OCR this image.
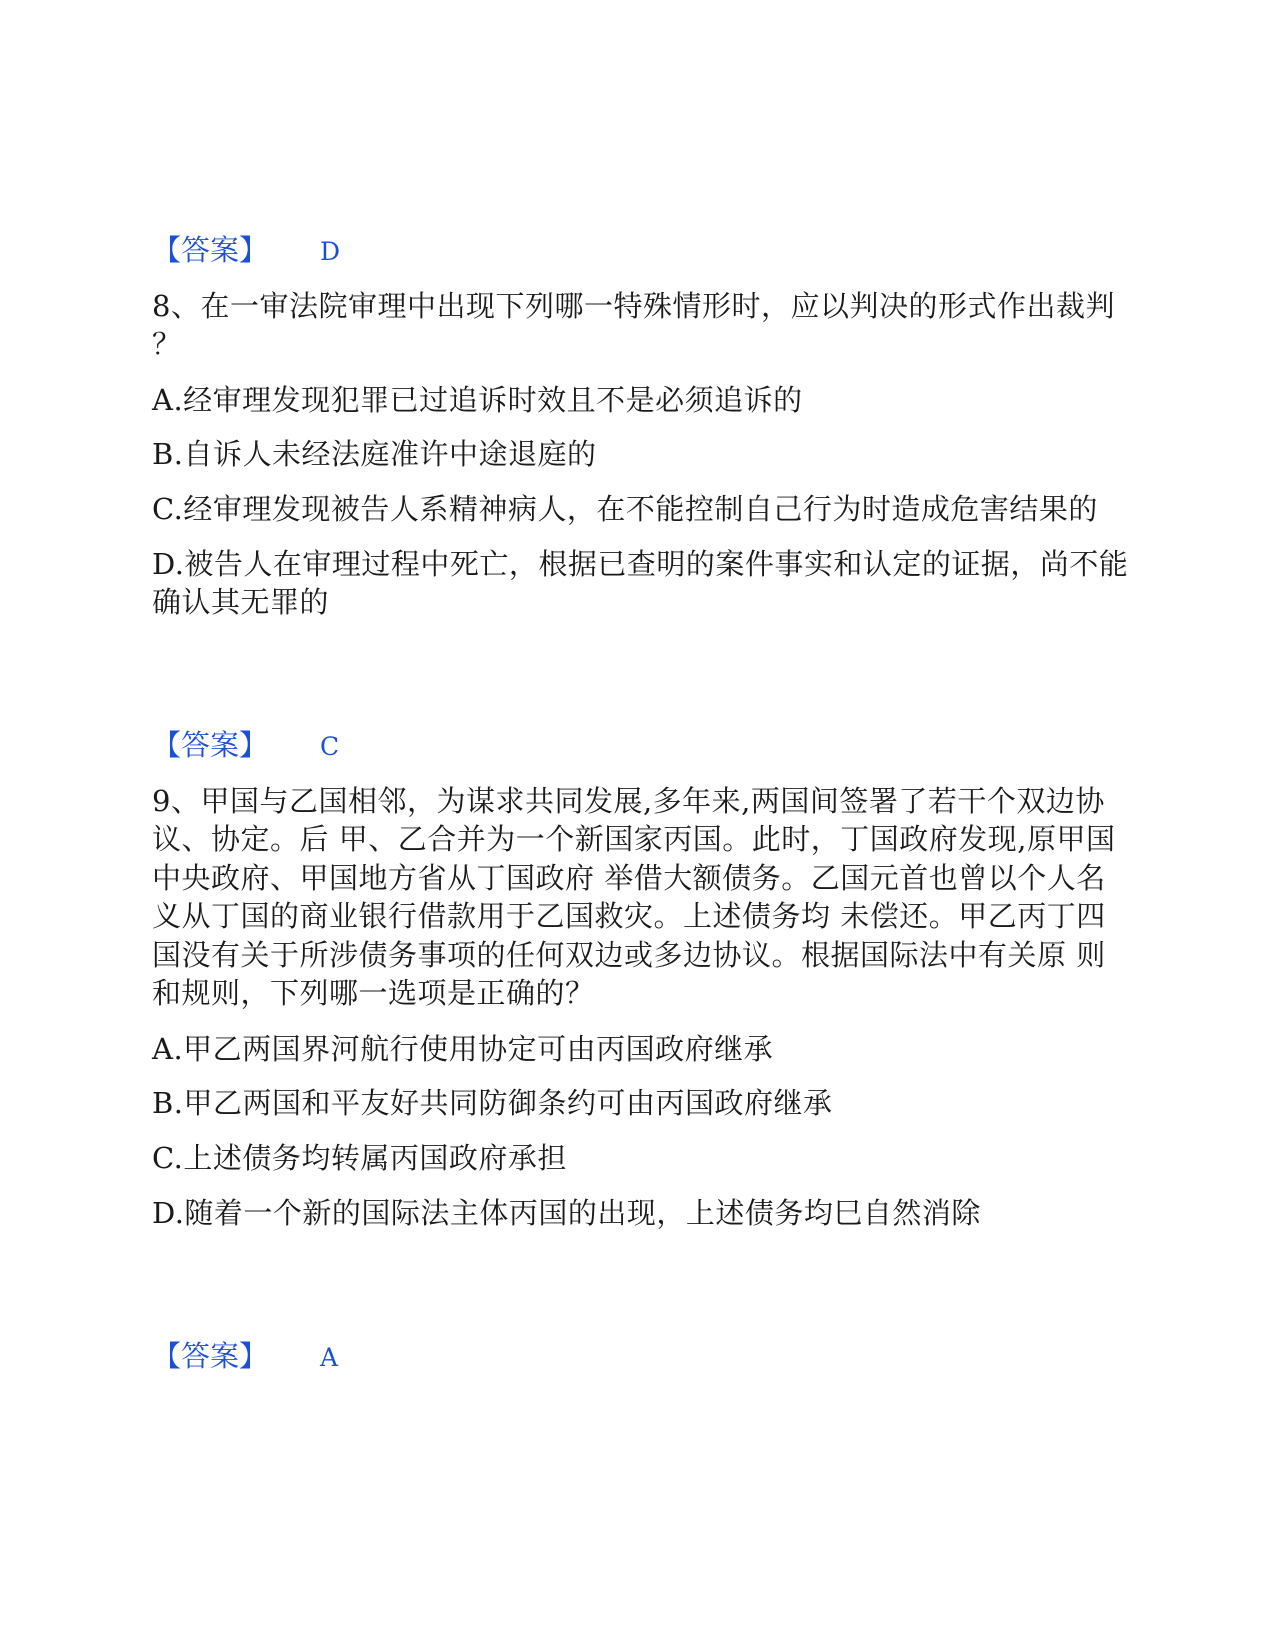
【答案】 D
8、在一审法院审理中出现下列哪一特殊情形时，应以判决的形式作出裁判
？
A.经审理发现犯罪已过追诉时效且不是必须追诉的
B.自诉人未经法庭准许中途退庭的
C.经审理发现被告人系精神病人，在不能控制自己行为时造成危害结果的
D.被告人在审理过程中死亡，根据已查明的案件事实和认定的证据，尚不能
确认其无罪的
【答案】 C
9、甲国与乙国相邻，为谋求共同发展,多年来,两国间签署了若干个双边协
议、协定。后 甲、乙合并为一个新国家丙国。此时，丁国政府发现,原甲国
中央政府、甲国地方省从丁国政府 举借大额债务。乙国元首也曾以个人名
义从丁国的商业银行借款用于乙国救灾。上述债务均 未偿还。甲乙丙丁四
国没有关于所涉债务事项的任何双边或多边协议。根据国际法中有关原 则
和规则，下列哪一选项是正确的？
A.甲乙两国界河航行使用协定可由丙国政府继承
B.甲乙两国和平友好共同防御条约可由丙国政府继承
C.上述债务均转属丙国政府承担
D.随着一个新的国际法主体丙国的出现，上述债务均巳自然消除
【答案】 A
